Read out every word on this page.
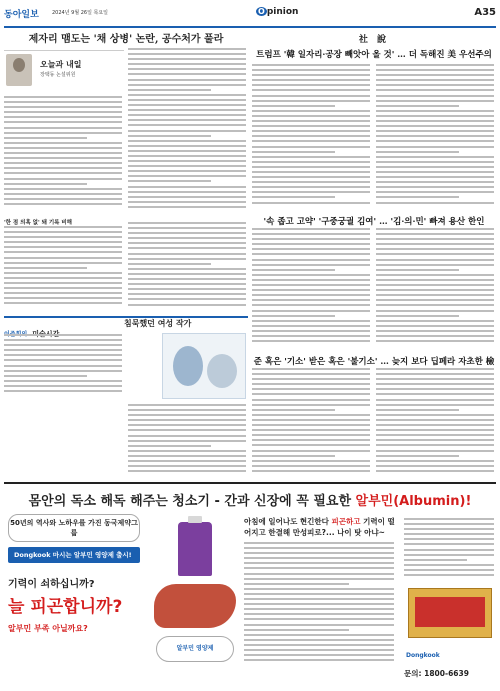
동아일보	2024년 9월 26일 목요일	O pinion	A35
제자리 맴도는 '채 상병' 논란, 공수처가 풀라
오늘과 내일
장택동 논설위원
'한 점 의혹 없' 돼 기록 비해
침묵했던 여성 작가
社 說
트럼프 '韓 일자리·공장 빼앗아 올 것' … 더 독해진 美 우선주의
'속 좁고 고약' '구중궁궐 김여' … '김·의·민' 빠져 용산 한인
준 혹은 '기소' 받은 혹은 '불기소' … 늦지 보다 딥페라 자초한 檢
몸안의 독소 해독 해주는 청소기 - 간과 신장에 꼭 필요한 알부민(Albumin)!
50년의 역사와 노하우를 가진 동국제약그룹
Dongkook 마시는 알부민 영양제 출시!
기력이 쇠하십니까?
늘 피곤합니까?
알부민 부족 아닐까요?
알부민 영양제
아침에 일어나도 현긴한다 피곤하고 기력이 떨어지고 한결해 만성피로?... 나이 탓 아냐~
Dongkook
문의: 1800-6639
